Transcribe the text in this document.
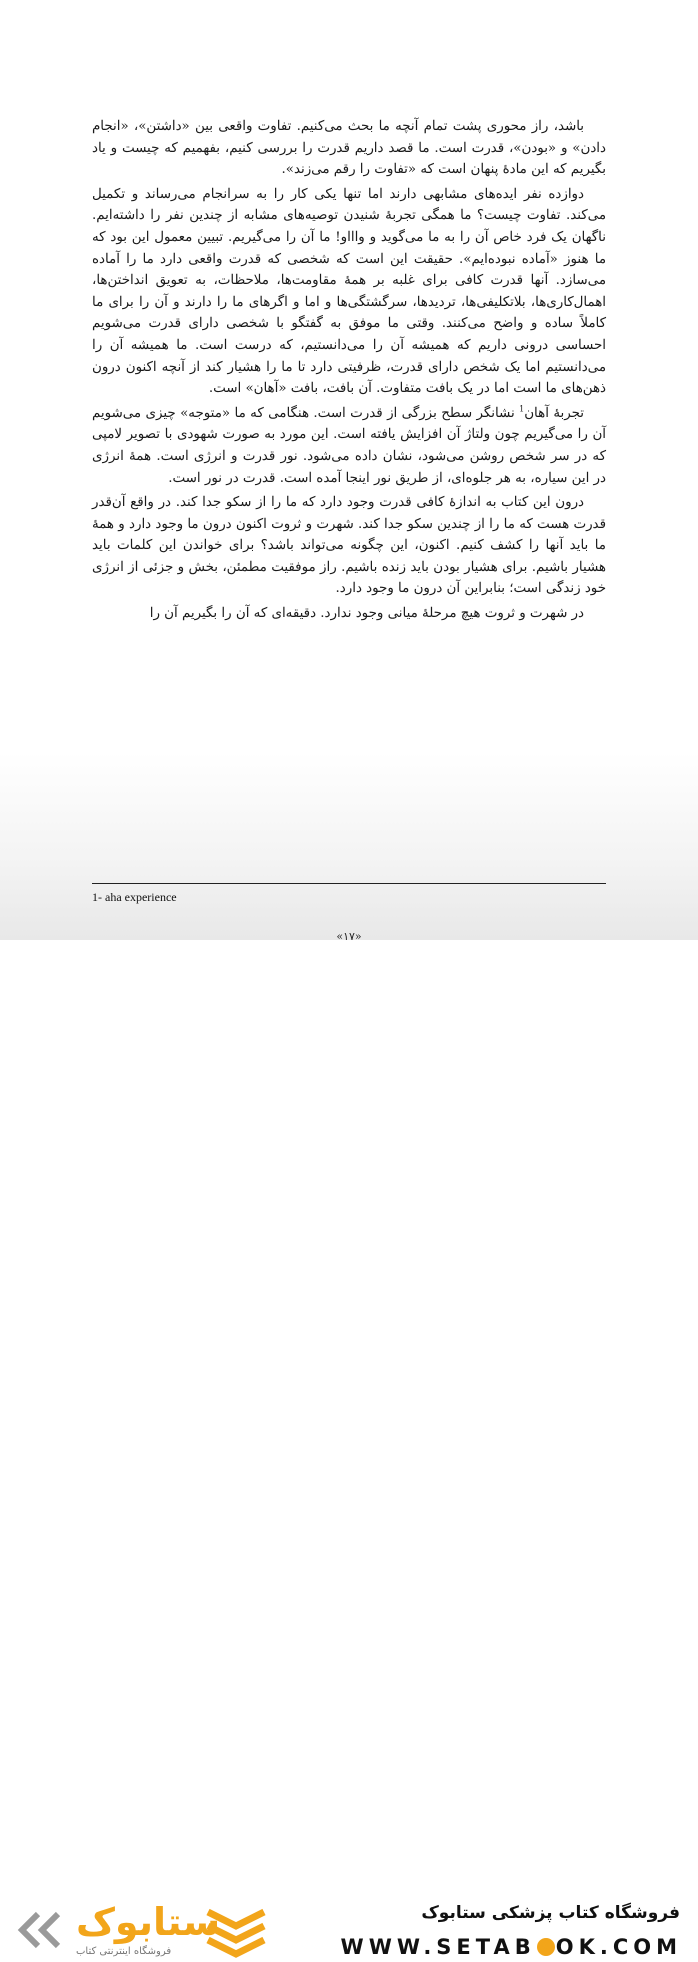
باشد، راز محوری پشت تمام آنچه ما بحث می‌کنیم. تفاوت واقعی بین «داشتن»، «انجام دادن» و «بودن»، قدرت است. ما قصد داریم قدرت را بررسی کنیم، بفهمیم که چیست و یاد بگیریم که این مادهٔ پنهان است که «تفاوت را رقم می‌زند».

دوازده نفر ایده‌های مشابهی دارند اما تنها یکی کار را به سرانجام می‌رساند و تکمیل می‌کند. تفاوت چیست؟ ما همگی تجربهٔ شنیدن توصیه‌های مشابه از چندین نفر را داشته‌ایم. ناگهان یک فرد خاص آن را به ما می‌گوید و واااو! ما آن را می‌گیریم. تبیین معمول این بود که ما هنوز «آماده نبوده‌ایم». حقیقت این است که شخصی که قدرت واقعی دارد ما را آماده می‌سازد. آنها قدرت کافی برای غلبه بر همهٔ مقاومت‌ها، ملاحظات، به تعویق انداختن‌ها، اهمال‌کاری‌ها، بلاتکلیفی‌ها، تردیدها، سرگشتگی‌ها و اما و اگرهای ما را دارند و آن را برای ما کاملاً ساده و واضح می‌کنند. وقتی ما موفق به گفتگو با شخصی دارای قدرت می‌شویم احساسی درونی داریم که همیشه آن را می‌دانستیم، که درست است. ما همیشه آن را می‌دانستیم اما یک شخص دارای قدرت، ظرفیتی دارد تا ما را هشیار کند از آنچه اکنون درون ذهن‌های ما است اما در یک بافت متفاوت. آن بافت، بافت «آهان» است.

تجربهٔ آهان$^1$ نشانگر سطح بزرگی از قدرت است. هنگامی که ما «متوجه» چیزی می‌شویم آن را می‌گیریم چون ولتاژ آن افزایش یافته است. این مورد به صورت شهودی با تصویر لامپی که در سر شخص روشن می‌شود، نشان داده می‌شود. نور قدرت و انرژی است. همهٔ انرژی در این سیاره، به هر جلوه‌ای، از طریق نور اینجا آمده است. قدرت در نور است.

درون این کتاب به اندازهٔ کافی قدرت وجود دارد که ما را از سکو جدا کند. در واقع آن‌قدر قدرت هست که ما را از چندین سکو جدا کند. شهرت و ثروت اکنون درون ما وجود دارد و همهٔ ما باید آنها را کشف کنیم. اکنون، این چگونه می‌تواند باشد؟ برای خواندن این کلمات باید هشیار باشیم. برای هشیار بودن باید زنده باشیم. راز موفقیت مطمئن، بخش و جزئی از انرژی خود زندگی است؛ بنابراین آن درون ما وجود دارد.

در شهرت و ثروت هیچ مرحلهٔ میانی وجود ندارد. دقیقه‌ای که آن را بگیریم آن را

1- aha experience
«۱۷»
ستابوک
فروشگاه اینترنتی کتاب
فروشگاه کتاب پزشکی ستابوک
WWW.SETAB OK.COM
